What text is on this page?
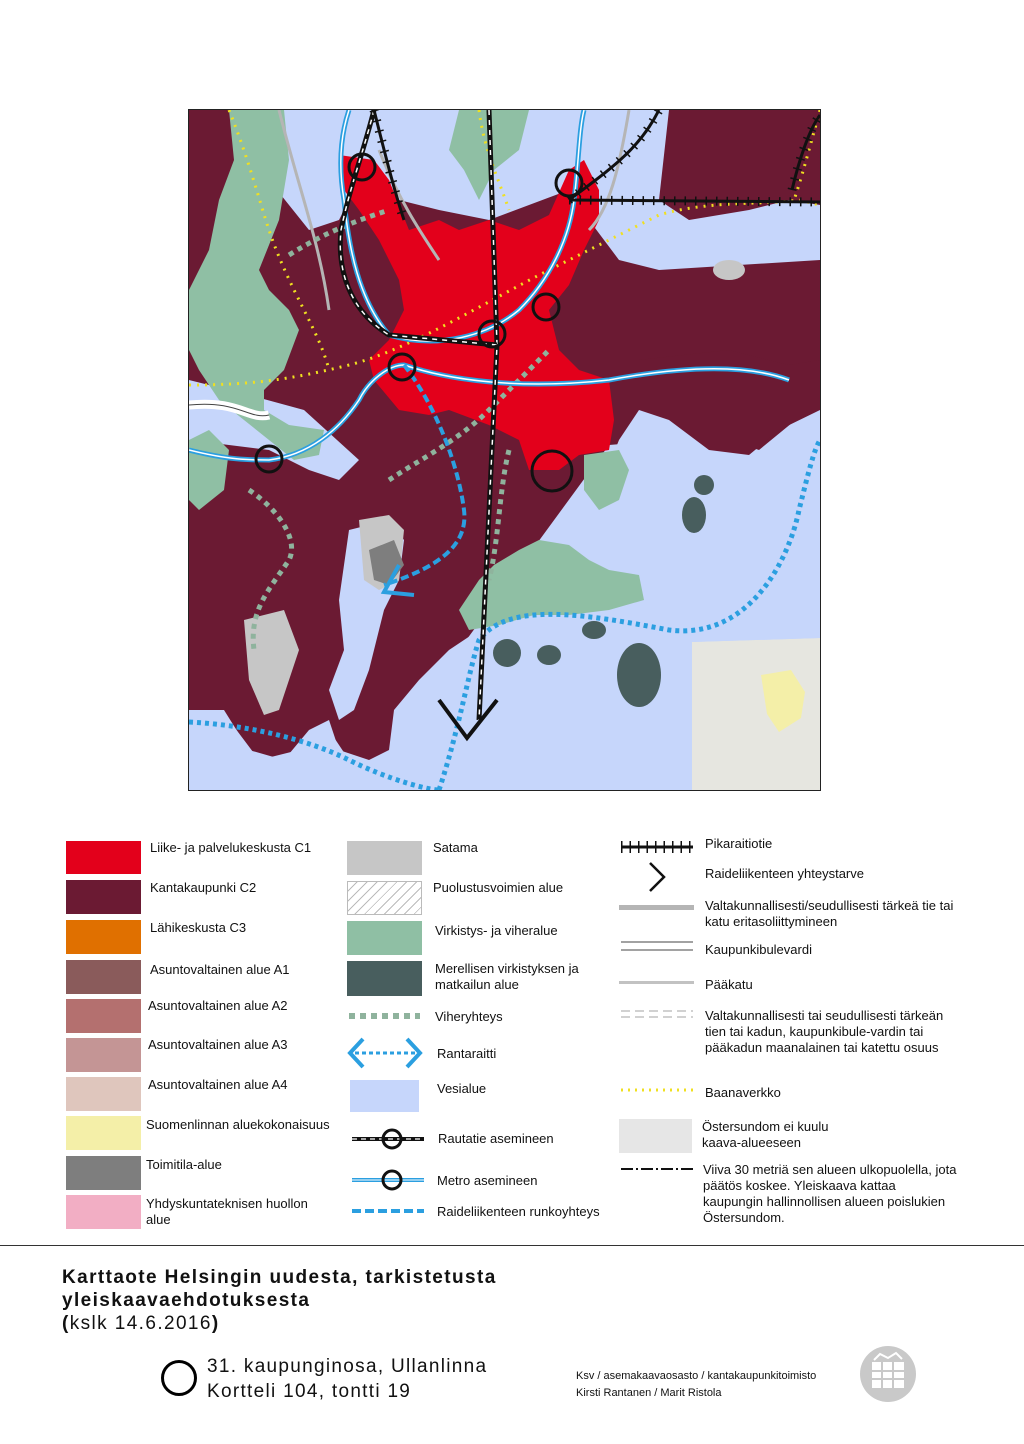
Liike- ja palvelukeskusta C1
Kantakaupunki C2
Lähikeskusta C3
Asuntovaltainen alue A1
Asuntovaltainen alue A2
Asuntovaltainen alue A3
Asuntovaltainen alue A4
Suomenlinnan aluekokonaisuus
Toimitila-alue
Yhdyskuntateknisen huollon alue
Satama
Puolustusvoimien alue
Virkistys- ja viheralue
Merellisen virkistyksen ja matkailun alue
Viheryhteys
Rantaraitti
Vesialue
Rautatie asemineen
Metro asemineen
Raideliikenteen runkoyhteys
Pikaraitiotie
Raideliikenteen yhteystarve
Valtakunnallisesti/seudullisesti tärkeä tie tai katu eritasoliittymineen
Kaupunkibulevardi
Pääkatu
Valtakunnallisesti tai seudullisesti tärkeän tien tai kadun, kaupunkibule-vardin tai pääkadun maanalainen tai katettu osuus
Baanaverkko
Östersundom ei kuulu kaava-alueeseen
Viiva 30 metriä sen alueen ulkopuolella, jota päätös koskee. Yleiskaava kattaa kaupungin hallinnollisen alueen poislukien Östersundom.
Karttaote Helsingin uudesta, tarkistetusta
yleiskaavaehdotuksesta
(kslk 14.6.2016)
31. kaupunginosa, Ullanlinna
Kortteli 104, tontti 19
Ksv / asemakaavaosasto / kantakaupunkitoimisto
Kirsti Rantanen / Marit Ristola
